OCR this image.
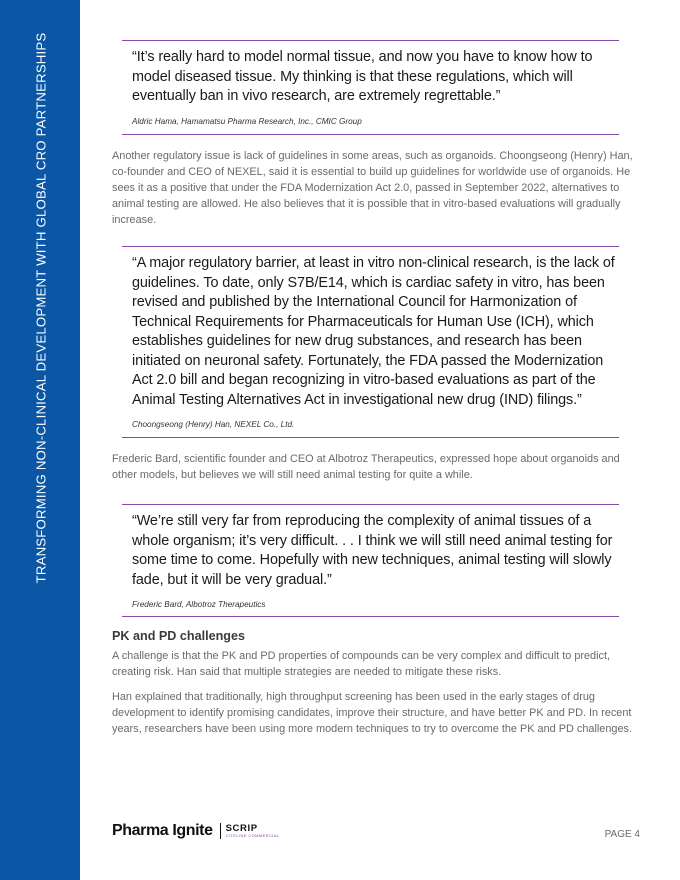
TRANSFORMING NON-CLINICAL DEVELOPMENT WITH GLOBAL CRO PARTNERSHIPS	“It’s really hard to model normal tissue, and now you have to know how to model diseased tissue. My thinking is that these regulations, which will eventually ban in vivo research, are extremely regrettable.”

Aldric Hama, Hamamatsu Pharma Research, Inc., CMIC Group

Another regulatory issue is lack of guidelines in some areas, such as organoids. Choongseong (Henry) Han, co-founder and CEO of NEXEL, said it is essential to build up guidelines for worldwide use of organoids. He sees it as a positive that under the FDA Modernization Act 2.0, passed in September 2022, alternatives to animal testing are allowed. He also believes that it is possible that in vitro-based evaluations will gradually increase.

“A major regulatory barrier, at least in vitro non-clinical research, is the lack of guidelines. To date, only S7B/E14, which is cardiac safety in vitro, has been revised and published by the International Council for Harmonization of Technical Requirements for Pharmaceuticals for Human Use (ICH), which establishes guidelines for new drug substances, and research has been initiated on neuronal safety. Fortunately, the FDA passed the Modernization Act 2.0 bill and began recognizing in vitro-based evaluations as part of the Animal Testing Alternatives Act in investigational new drug (IND) filings.”

Choongseong (Henry) Han, NEXEL Co., Ltd.

Frederic Bard, scientific founder and CEO at Albotroz Therapeutics, expressed hope about organoids and other models, but believes we will still need animal testing for quite a while.

“We’re still very far from reproducing the complexity of animal tissues of a whole organism; it’s very difficult. . . I think we will still need animal testing for some time to come. Hopefully with new techniques, animal testing will slowly fade, but it will be very gradual.”

Frederic Bard, Albotroz Therapeutics

PK and PD challenges

A challenge is that the PK and PD properties of compounds can be very complex and difficult to predict, creating risk. Han said that multiple strategies are needed to mitigate these risks.

Han explained that traditionally, high throughput screening has been used in the early stages of drug development to identify promising candidates, improve their structure, and have better PK and PD. In recent years, researchers have been using more modern techniques to try to overcome the PK and PD challenges.

Pharma Ignite SCRIP
CITELINE COMMERCIAL	PAGE 4
